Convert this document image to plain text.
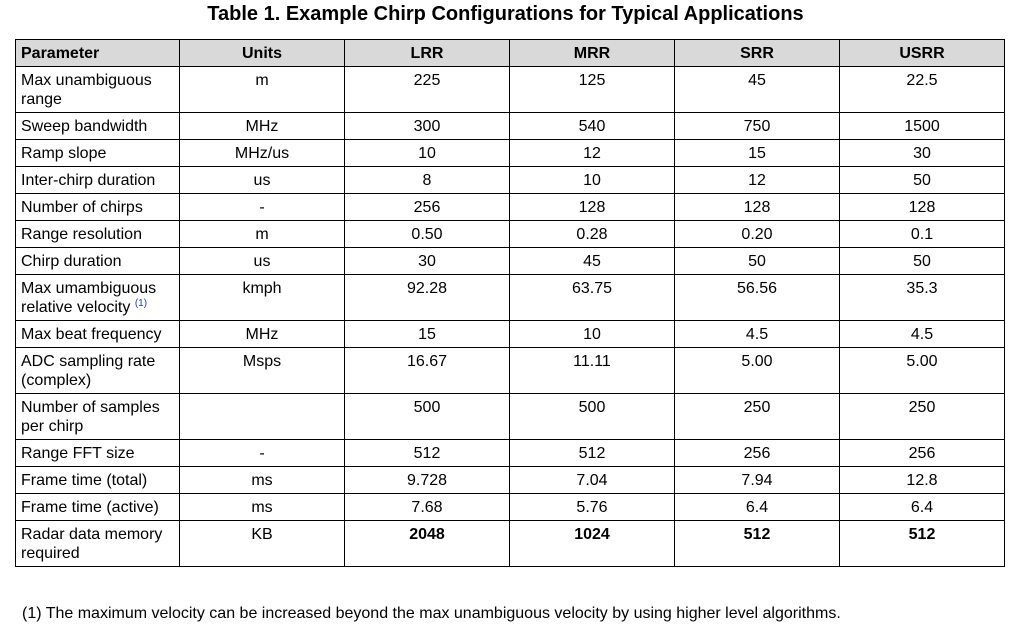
Table 1. Example Chirp Configurations for Typical Applications
Parameter	Units	LRR	MRR	SRR	USRR
Max unambiguous range	m	225	125	45	22.5
Sweep bandwidth	MHz	300	540	750	1500
Ramp slope	MHz/us	10	12	15	30
Inter-chirp duration	us	8	10	12	50
Number of chirps	-	256	128	128	128
Range resolution	m	0.50	0.28	0.20	0.1
Chirp duration	us	30	45	50	50
Max umambiguous relative velocity $^{(1)}$	kmph	92.28	63.75	56.56	35.3
Max beat frequency	MHz	15	10	4.5	4.5
ADC sampling rate (complex)	Msps	16.67	11.11	5.00	5.00
Number of samples per chirp		500	500	250	250
Range FFT size	-	512	512	256	256
Frame time (total)	ms	9.728	7.04	7.94	12.8
Frame time (active)	ms	7.68	5.76	6.4	6.4
Radar data memory required	KB	2048	1024	512	512
(1) The maximum velocity can be increased beyond the max unambiguous velocity by using higher level algorithms.
